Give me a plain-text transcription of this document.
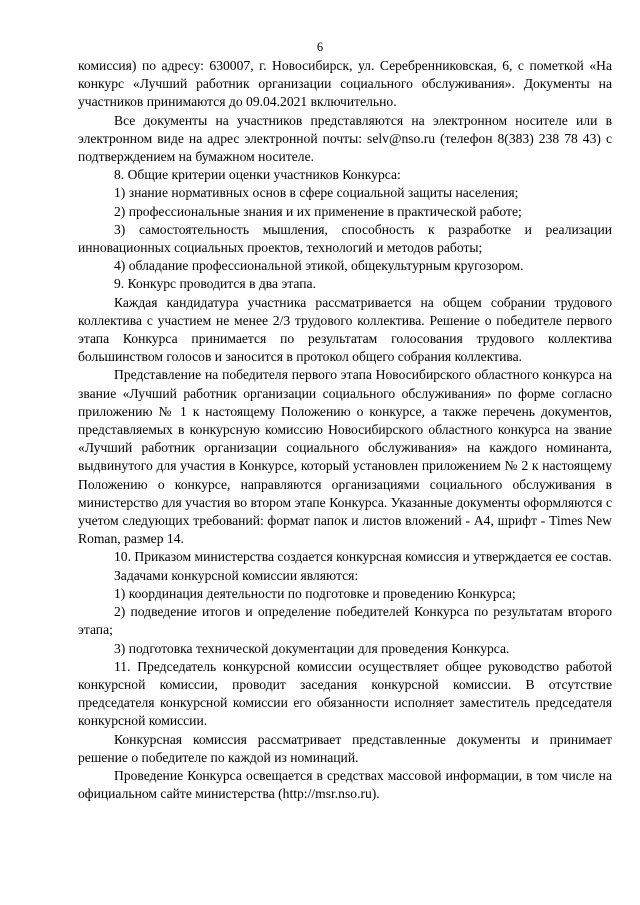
6

комиссия) по адресу: 630007, г. Новосибирск, ул. Серебренниковская, 6, с пометкой «На конкурс «Лучший работник организации социального обслуживания». Документы на участников принимаются до 09.04.2021 включительно.

Все документы на участников представляются на электронном носителе или в электронном виде на адрес электронной почты: selv@nso.ru (телефон 8(383) 238 78 43) с подтверждением на бумажном носителе.

8. Общие критерии оценки участников Конкурса:

1) знание нормативных основ в сфере социальной защиты населения;

2) профессиональные знания и их применение в практической работе;

3) самостоятельность мышления, способность к разработке и реализации инновационных социальных проектов, технологий и методов работы;

4) обладание профессиональной этикой, общекультурным кругозором.

9. Конкурс проводится в два этапа.

Каждая кандидатура участника рассматривается на общем собрании трудового коллектива с участием не менее 2/3 трудового коллектива. Решение о победителе первого этапа Конкурса принимается по результатам голосования трудового коллектива большинством голосов и заносится в протокол общего собрания коллектива.

Представление на победителя первого этапа Новосибирского областного конкурса на звание «Лучший работник организации социального обслуживания» по форме согласно приложению № 1 к настоящему Положению о конкурсе, а также перечень документов, представляемых в конкурсную комиссию Новосибирского областного конкурса на звание «Лучший работник организации социального обслуживания» на каждого номинанта, выдвинутого для участия в Конкурсе, который установлен приложением № 2 к настоящему Положению о конкурсе, направляются организациями социального обслуживания в министерство для участия во втором этапе Конкурса. Указанные документы оформляются с учетом следующих требований: формат папок и листов вложений - А4, шрифт - Times New Roman, размер 14.

10. Приказом министерства создается конкурсная комиссия и утверждается ее состав.

Задачами конкурсной комиссии являются:

1) координация деятельности по подготовке и проведению Конкурса;

2) подведение итогов и определение победителей Конкурса по результатам второго этапа;

3) подготовка технической документации для проведения Конкурса.

11. Председатель конкурсной комиссии осуществляет общее руководство работой конкурсной комиссии, проводит заседания конкурсной комиссии. В отсутствие председателя конкурсной комиссии его обязанности исполняет заместитель председателя конкурсной комиссии.

Конкурсная комиссия рассматривает представленные документы и принимает решение о победителе по каждой из номинаций.

Проведение Конкурса освещается в средствах массовой информации, в том числе на официальном сайте министерства (http://msr.nso.ru).
